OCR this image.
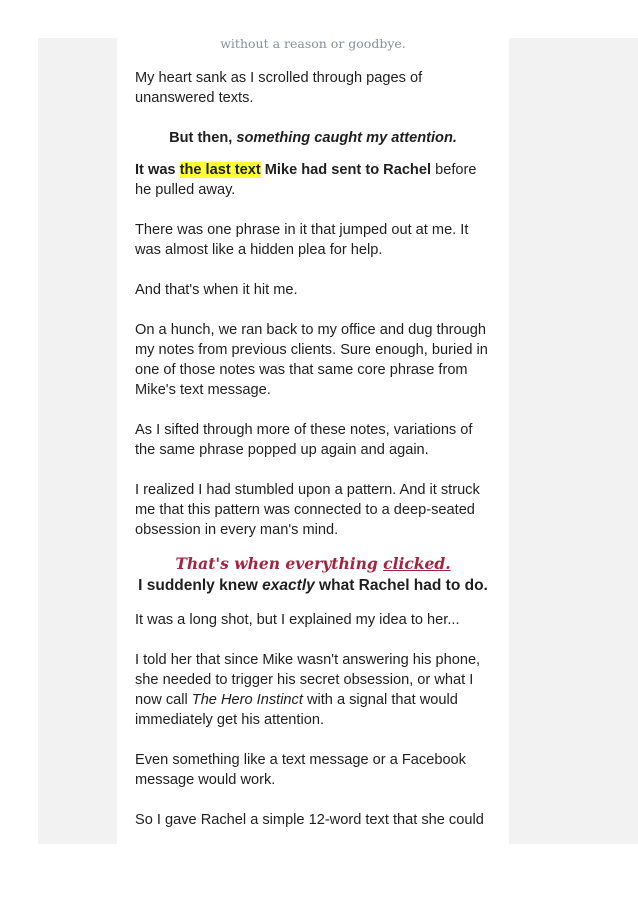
without a reason or goodbye.

My heart sank as I scrolled through pages of unanswered texts.

But then, something caught my attention.

It was the last text Mike had sent to Rachel before he pulled away.

There was one phrase in it that jumped out at me. It was almost like a hidden plea for help.

And that's when it hit me.

On a hunch, we ran back to my office and dug through my notes from previous clients. Sure enough, buried in one of those notes was that same core phrase from Mike's text message.

As I sifted through more of these notes, variations of the same phrase popped up again and again.

I realized I had stumbled upon a pattern. And it struck me that this pattern was connected to a deep-seated obsession in every man's mind.

That's when everything clicked.

I suddenly knew exactly what Rachel had to do.

It was a long shot, but I explained my idea to her...

I told her that since Mike wasn't answering his phone, she needed to trigger his secret obsession, or what I now call The Hero Instinct with a signal that would immediately get his attention.

Even something like a text message or a Facebook message would work.

So I gave Rachel a simple 12-word text that she could
